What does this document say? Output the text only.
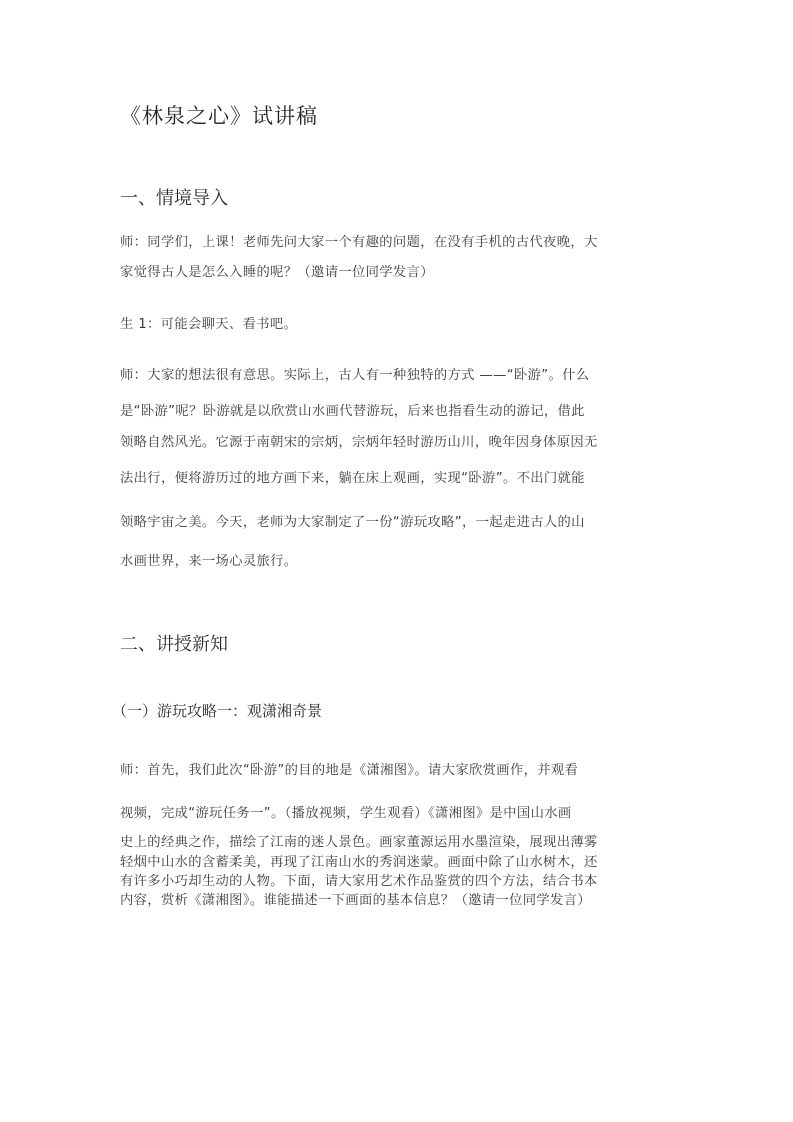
《林泉之心》试讲稿
一、情境导入

师：同学们，上课！老师先问大家一个有趣的问题，在没有手机的古代夜晚，大

家觉得古人是怎么入睡的呢？（邀请一位同学发言）

生 1：可能会聊天、看书吧。

师：大家的想法很有意思。实际上，古人有一种独特的方式 ——“卧游”。什么

是“卧游”呢？卧游就是以欣赏山水画代替游玩，后来也指看生动的游记，借此

领略自然风光。它源于南朝宋的宗炳，宗炳年轻时游历山川，晚年因身体原因无

法出行，便将游历过的地方画下来，躺在床上观画，实现“卧游”。不出门就能

领略宇宙之美。今天，老师为大家制定了一份“游玩攻略”，一起走进古人的山

水画世界，来一场心灵旅行。

二、讲授新知
（一）游玩攻略一：观潇湘奇景

师：首先，我们此次“卧游”的目的地是《潇湘图》。请大家欣赏画作，并观看

视频，完成“游玩任务一”。（播放视频，学生观看）《潇湘图》是中国山水画

史上的经典之作，描绘了江南的迷人景色。画家董源运用水墨渲染，展现出薄雾

轻烟中山水的含蓄柔美，再现了江南山水的秀润迷蒙。画面中除了山水树木，还

有许多小巧却生动的人物。下面，请大家用艺术作品鉴赏的四个方法，结合书本

内容，赏析《潇湘图》。谁能描述一下画面的基本信息？（邀请一位同学发言）
